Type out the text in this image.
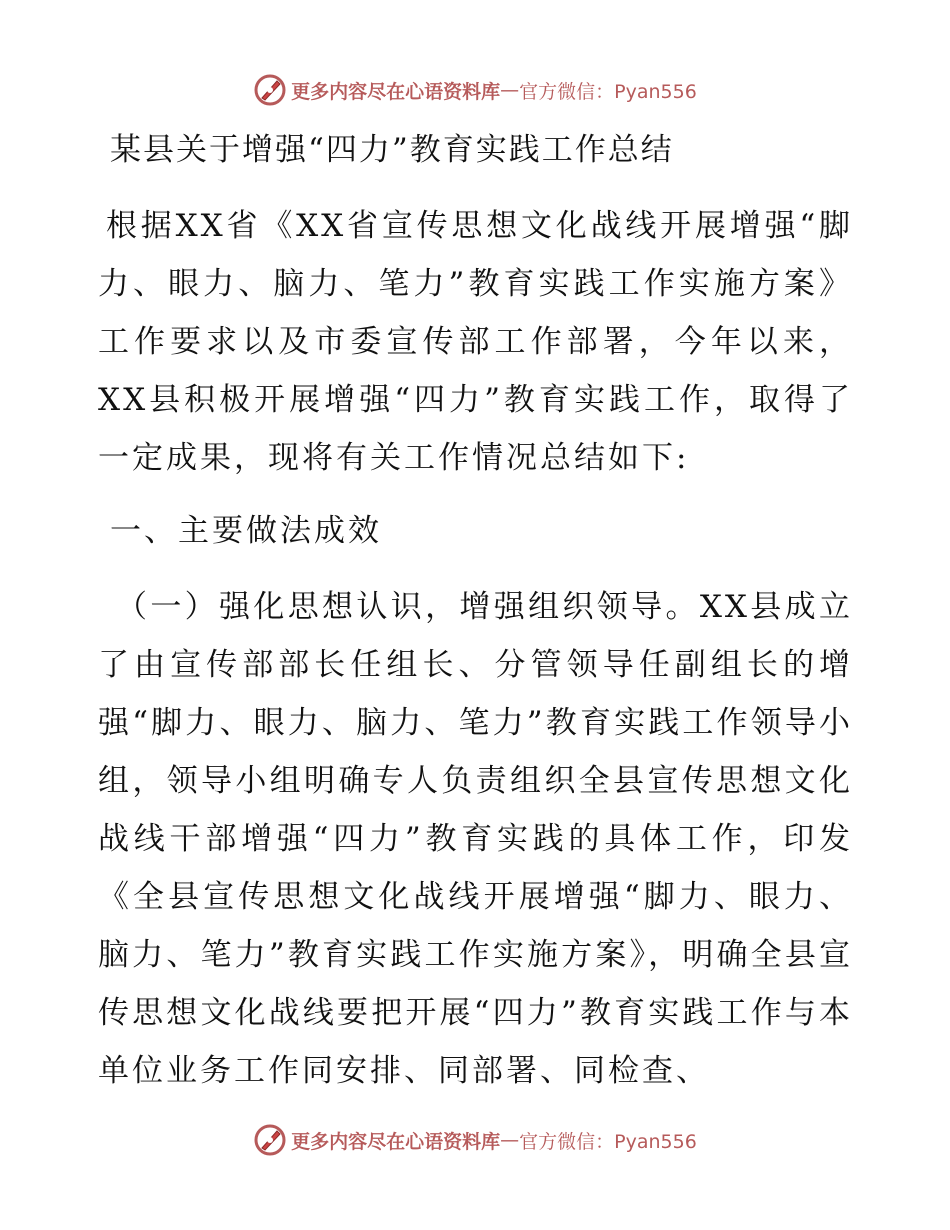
更多内容尽在心语资料库 — 官方微信：Pyan556
某县关于增强“四力”教育实践工作总结

根据XX省《XX省宣传思想文化战线开展增强“脚力、眼力、脑力、笔力”教育实践工作实施方案》工作要求以及市委宣传部工作部署，今年以来，XX县积极开展增强“四力”教育实践工作，取得了一定成果，现将有关工作情况总结如下:

一、主要做法成效

（一）强化思想认识，增强组织领导。XX县成立了由宣传部部长任组长、分管领导任副组长的增强“脚力、眼力、脑力、笔力”教育实践工作领导小组，领导小组明确专人负责组织全县宣传思想文化战线干部增强“四力”教育实践的具体工作，印发《全县宣传思想文化战线开展增强“脚力、眼力、脑力、笔力”教育实践工作实施方案》，明确全县宣传思想文化战线要把开展“四力”教育实践工作与本单位业务工作同安排、同部署、同检查、

更多内容尽在心语资料库 — 官方微信：Pyan556
